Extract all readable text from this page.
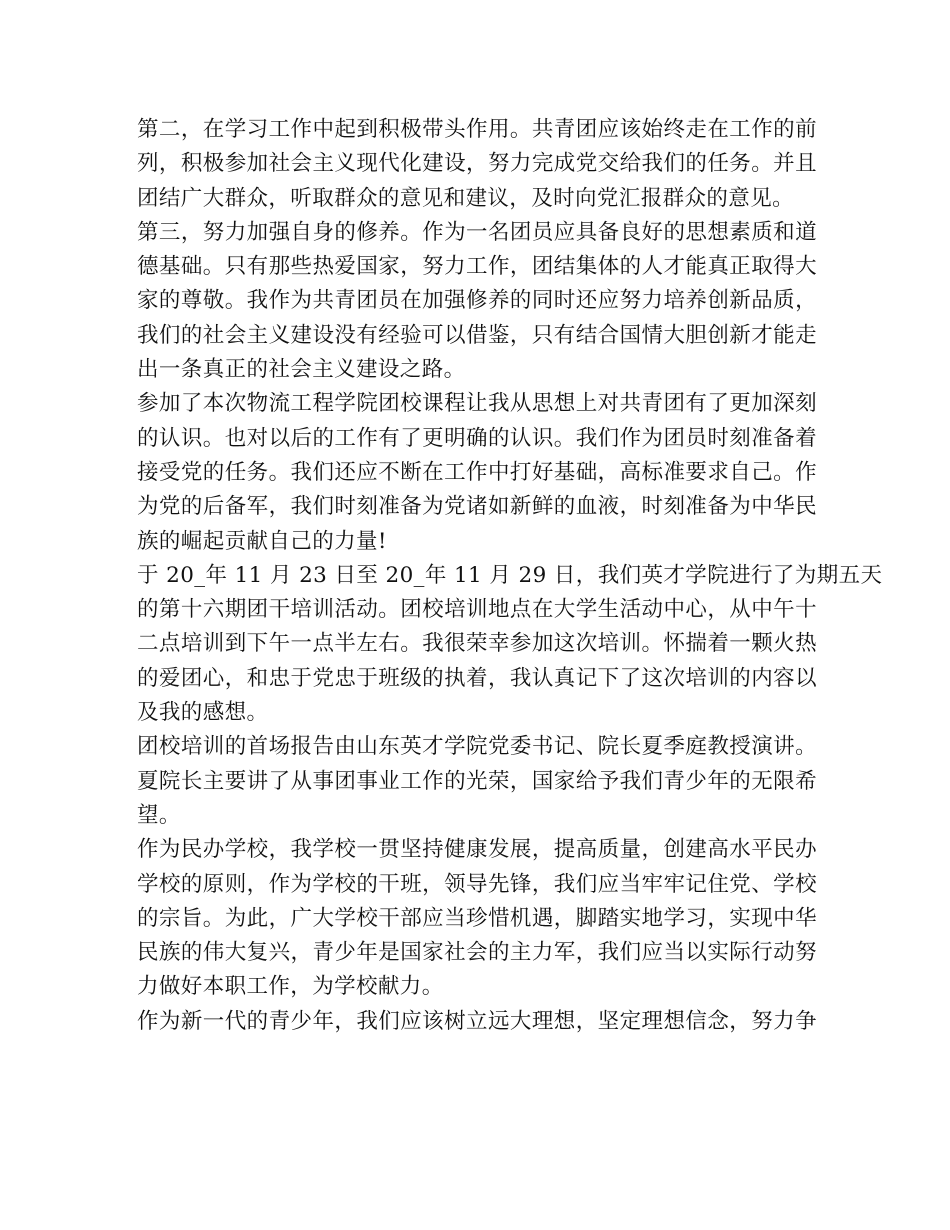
第二，在学习工作中起到积极带头作用。共青团应该始终走在工作的前
列，积极参加社会主义现代化建设，努力完成党交给我们的任务。并且
团结广大群众，听取群众的意见和建议，及时向党汇报群众的意见。
第三，努力加强自身的修养。作为一名团员应具备良好的思想素质和道
德基础。只有那些热爱国家，努力工作，团结集体的人才能真正取得大
家的尊敬。我作为共青团员在加强修养的同时还应努力培养创新品质，
我们的社会主义建设没有经验可以借鉴，只有结合国情大胆创新才能走
出一条真正的社会主义建设之路。
参加了本次物流工程学院团校课程让我从思想上对共青团有了更加深刻
的认识。也对以后的工作有了更明确的认识。我们作为团员时刻准备着
接受党的任务。我们还应不断在工作中打好基础，高标准要求自己。作
为党的后备军，我们时刻准备为党诸如新鲜的血液，时刻准备为中华民
族的崛起贡献自己的力量!
于 20_年 11 月 23 日至 20_年 11 月 29 日，我们英才学院进行了为期五天
的第十六期团干培训活动。团校培训地点在大学生活动中心，从中午十
二点培训到下午一点半左右。我很荣幸参加这次培训。怀揣着一颗火热
的爱团心，和忠于党忠于班级的执着，我认真记下了这次培训的内容以
及我的感想。
团校培训的首场报告由山东英才学院党委书记、院长夏季庭教授演讲。
夏院长主要讲了从事团事业工作的光荣，国家给予我们青少年的无限希
望。
作为民办学校，我学校一贯坚持健康发展，提高质量，创建高水平民办
学校的原则，作为学校的干班，领导先锋，我们应当牢牢记住党、学校
的宗旨。为此，广大学校干部应当珍惜机遇，脚踏实地学习，实现中华
民族的伟大复兴，青少年是国家社会的主力军，我们应当以实际行动努
力做好本职工作，为学校献力。
作为新一代的青少年，我们应该树立远大理想，坚定理想信念，努力争
